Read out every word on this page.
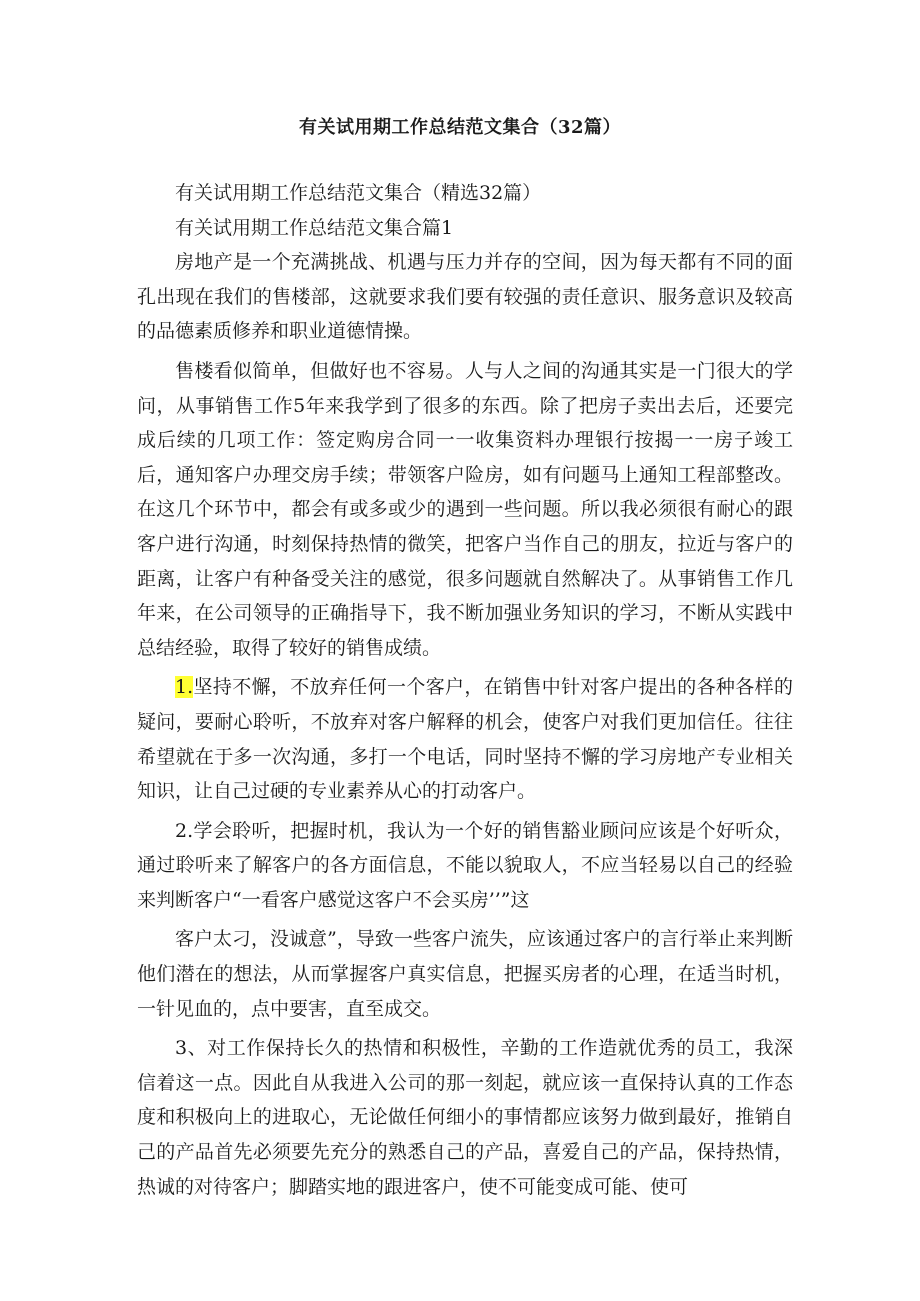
有关试用期工作总结范文集合（32篇）

有关试用期工作总结范文集合（精选32篇）

有关试用期工作总结范文集合篇1

房地产是一个充满挑战、机遇与压力并存的空间，因为每天都有不同的面孔出现在我们的售楼部，这就要求我们要有较强的责任意识、服务意识及较高的品德素质修养和职业道德情操。

售楼看似简单，但做好也不容易。人与人之间的沟通其实是一门很大的学问，从事销售工作5年来我学到了很多的东西。除了把房子卖出去后，还要完成后续的几项工作：签定购房合同一一收集资料办理银行按揭一一房子竣工后，通知客户办理交房手续；带领客户险房，如有问题马上通知工程部整改。在这几个环节中，都会有或多或少的遇到一些问题。所以我必须很有耐心的跟客户进行沟通，时刻保持热情的微笑，把客户当作自己的朋友，拉近与客户的距离，让客户有种备受关注的感觉，很多问题就自然解决了。从事销售工作几年来，在公司领导的正确指导下，我不断加强业务知识的学习，不断从实践中总结经验，取得了较好的销售成绩。

1.坚持不懈，不放弃任何一个客户，在销售中针对客户提出的各种各样的疑问，要耐心聆听，不放弃对客户解释的机会，使客户对我们更加信任。往往希望就在于多一次沟通，多打一个电话，同时坚持不懈的学习房地产专业相关知识，让自己过硬的专业素养从心的打动客户。

2.学会聆听，把握时机，我认为一个好的销售豁业顾问应该是个好听众，通过聆听来了解客户的各方面信息，不能以貌取人，不应当轻易以自己的经验来判断客户“一看客户感觉这客户不会买房’’”这

客户太刁，没诚意”，导致一些客户流失，应该通过客户的言行举止来判断他们潜在的想法，从而掌握客户真实信息，把握买房者的心理，在适当时机，一针见血的，点中要害，直至成交。

3、对工作保持长久的热情和积极性，辛勤的工作造就优秀的员工，我深信着这一点。因此自从我进入公司的那一刻起，就应该一直保持认真的工作态度和积极向上的进取心，无论做任何细小的事情都应该努力做到最好，推销自己的产品首先必须要先充分的熟悉自己的产品，喜爱自己的产品，保持热情，热诚的对待客户；脚踏实地的跟进客户，使不可能变成可能、使可
